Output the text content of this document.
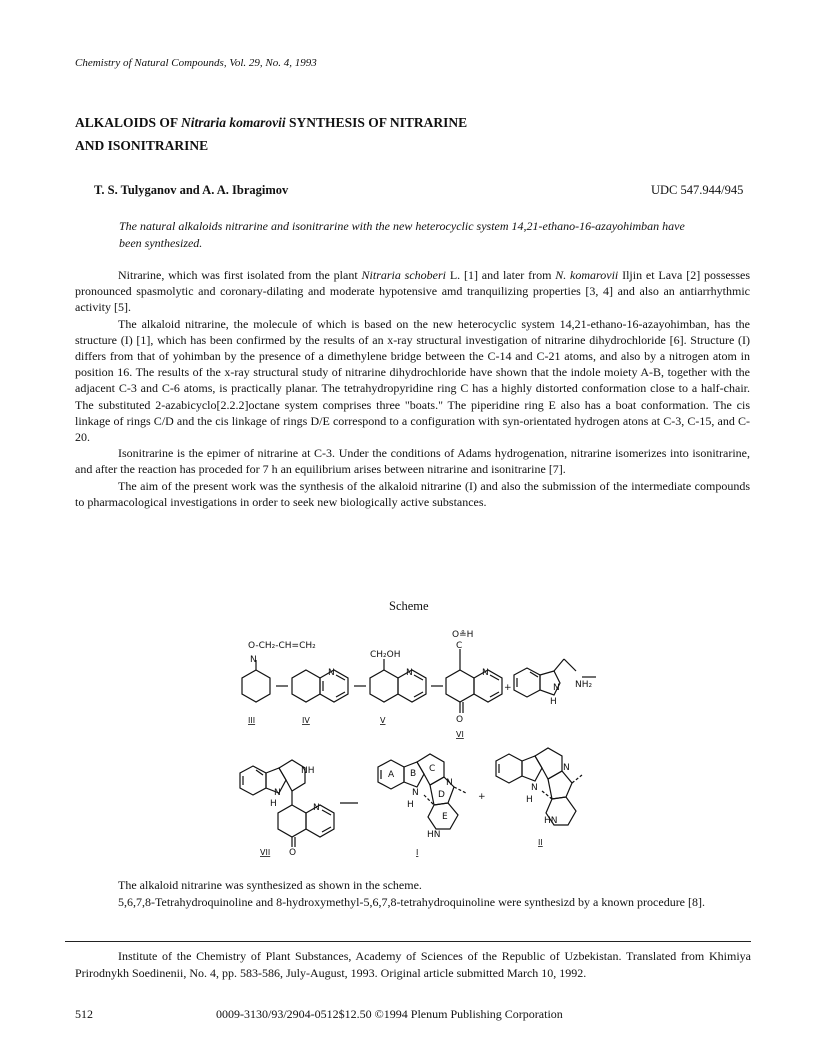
Chemistry of Natural Compounds, Vol. 29, No. 4, 1993
ALKALOIDS OF Nitraria komarovii SYNTHESIS OF NITRARINE
AND ISONITRARINE
T. S. Tulyganov and A. A. Ibragimov	UDC 547.944/945
The natural alkaloids nitrarine and isonitrarine with the new heterocyclic system 14,21-ethano-16-azayohimban have been synthesized.

Nitrarine, which was first isolated from the plant Nitraria schoberi L. [1] and later from N. komarovii Iljin et Lava [2] possesses pronounced spasmolytic and coronary-dilating and moderate hypotensive amd tranquilizing properties [3, 4] and also an antiarrhythmic activity [5].

The alkaloid nitrarine, the molecule of which is based on the new heterocyclic system 14,21-ethano-16-azayohimban, has the structure (I) [1], which has been confirmed by the results of an x-ray structural investigation of nitrarine dihydrochloride [6]. Structure (I) differs from that of yohimban by the presence of a dimethylene bridge between the C-14 and C-21 atoms, and also by a nitrogen atom in position 16. The results of the x-ray structural study of nitrarine dihydrochloride have shown that the indole moiety A-B, together with the adjacent C-3 and C-6 atoms, is practically planar. The tetrahydropyridine ring C has a highly distorted conformation close to a half-chair. The substituted 2-azabicyclo[2.2.2]octane system comprises three "boats." The piperidine ring E also has a boat conformation. The cis linkage of rings C/D and the cis linkage of rings D/E correspond to a configuration with syn-orientated hydrogen atons at C-3, C-15, and C-20.

Isonitrarine is the epimer of nitrarine at C-3. Under the conditions of Adams hydrogenation, nitrarine isomerizes into isonitrarine, and after the reaction has proceded for 7 h an equilibrium arises between nitrarine and isonitrarine [7].

The aim of the present work was the synthesis of the alkaloid nitrarine (I) and also the submission of the intermediate compounds to pharmacological investigations in order to seek new biologically active substances.

Scheme
O-CH₂-CH=CH₂
N
N	N	N
CH₂OH
O≗H
C
O
+	N
H
NH₂
NH
N
H	N
O
A B C
D
E
N
H
N
HN
+
N
H
N
HN
III	IV	V
VI
VII	I
II

The alkaloid nitrarine was synthesized as shown in the scheme.

5,6,7,8-Tetrahydroquinoline and 8-hydroxymethyl-5,6,7,8-tetrahydroquinoline were synthesizd by a known procedure [8].

Institute of the Chemistry of Plant Substances, Academy of Sciences of the Republic of Uzbekistan. Translated from Khimiya Prirodnykh Soedinenii, No. 4, pp. 583-586, July-August, 1993. Original article submitted March 10, 1992.

512	0009-3130/93/2904-0512$12.50 ©1994 Plenum Publishing Corporation
